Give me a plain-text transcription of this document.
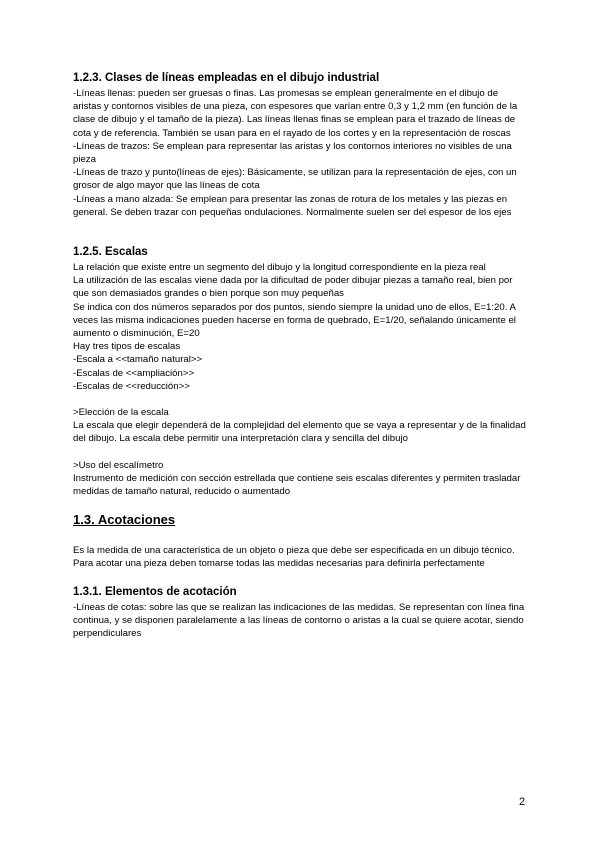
1.2.3. Clases de líneas empleadas en el dibujo industrial

-Líneas llenas: pueden ser gruesas o finas. Las promesas se emplean generalmente en el dibujo de aristas y contornos visibles de una pieza, con espesores que varían entre 0,3 y 1,2 mm (en función de la clase de dibujo y el tamaño de la pieza). Las líneas llenas finas se emplean para el trazado de líneas de cota y de referencia. También se usan para en el rayado de los cortes y en la representación de roscas

-Líneas de trazos: Se emplean para representar las aristas y los contornos interiores no visibles de una pieza

-Líneas de trazo y punto(líneas de ejes): Básicamente, se utilizan para la representación de ejes, con un grosor de algo mayor que las líneas de cota

-Líneas a mano alzada: Se emplean para presentar las zonas de rotura de los metales y las piezas en general. Se deben trazar con pequeñas ondulaciones. Normalmente suelen ser del espesor de los ejes

1.2.5. Escalas

La relación que existe entre un segmento del dibujo y la longitud correspondiente en la pieza real

La utilización de las escalas viene dada por la dificultad de poder dibujar piezas a tamaño real, bien por que son demasiados grandes o bien porque son muy pequeñas

Se indica con dos números separados por dos puntos, siendo siempre la unidad uno de ellos, E=1:20. A veces las misma indicaciones pueden hacerse en forma de quebrado, E=1/20, señalando únicamente el aumento o disminución, E=20

Hay tres tipos de escalas

-Escala a <<tamaño natural>>

-Escalas de <<ampliación>>

-Escalas de <<reducción>>

>Elección de la escala

La escala que elegir dependerá de la complejidad del elemento que se vaya a representar y de la finalidad del dibujo. La escala debe permitir una interpretación clara y sencilla del dibujo

>Uso del escalímetro

Instrumento de medición con sección estrellada que contiene seis escalas diferentes y permiten trasladar medidas de tamaño natural, reducido o aumentado

1.3. Acotaciones

Es la medida de una característica de un objeto o pieza que debe ser especificada en un dibujo técnico. Para acotar una pieza deben tomarse todas las medidas necesarias para definirla perfectamente

1.3.1. Elementos de acotación

-Líneas de cotas: sobre las que se realizan las indicaciones de las medidas. Se representan con línea fina continua, y se disponen paralelamente a las líneas de contorno o aristas a la cual se quiere acotar, siendo perpendiculares

2
